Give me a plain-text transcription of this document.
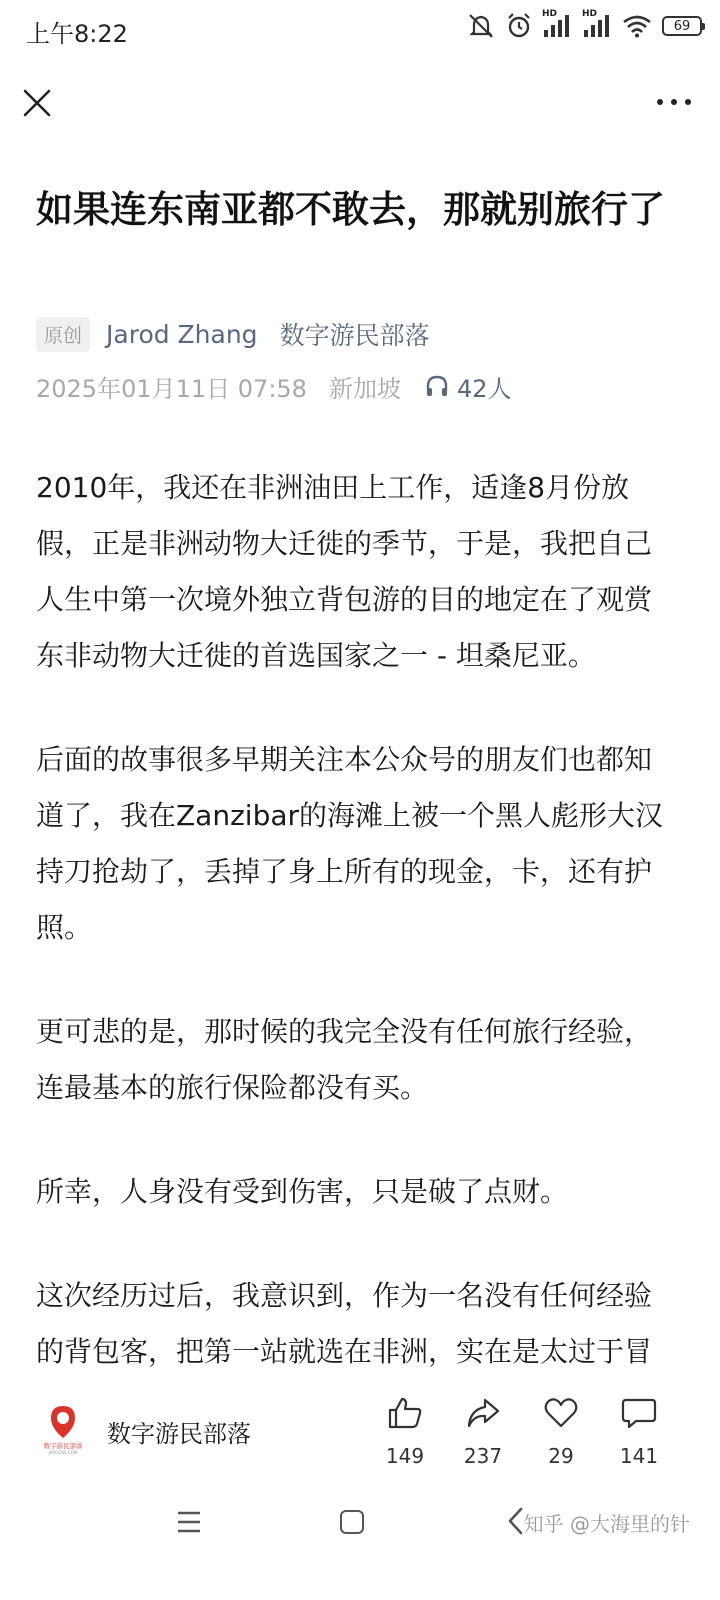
上午8:22
HD	HD
69
如果连东南亚都不敢去，那就别旅行了
原创 Jarod Zhang 数字游民部落
2025年01月11日 07:58 新加坡 42人

2010年，我还在非洲油田上工作，适逢8月份放假，正是非洲动物大迁徙的季节，于是，我把自己人生中第一次境外独立背包游的目的地定在了观赏东非动物大迁徙的首选国家之一 - 坦桑尼亚。

后面的故事很多早期关注本公众号的朋友们也都知道了，我在Zanzibar的海滩上被一个黑人彪形大汉持刀抢劫了，丢掉了身上所有的现金，卡，还有护照。

更可悲的是，那时候的我完全没有任何旅行经验，连最基本的旅行保险都没有买。

所幸，人身没有受到伤害，只是破了点财。

这次经历过后，我意识到，作为一名没有任何经验的背包客，把第一站就选在非洲，实在是太过于冒

数字游民部落
JAROOSE.COM
数字游民部落
149	237	29	141
知乎 @大海里的针
